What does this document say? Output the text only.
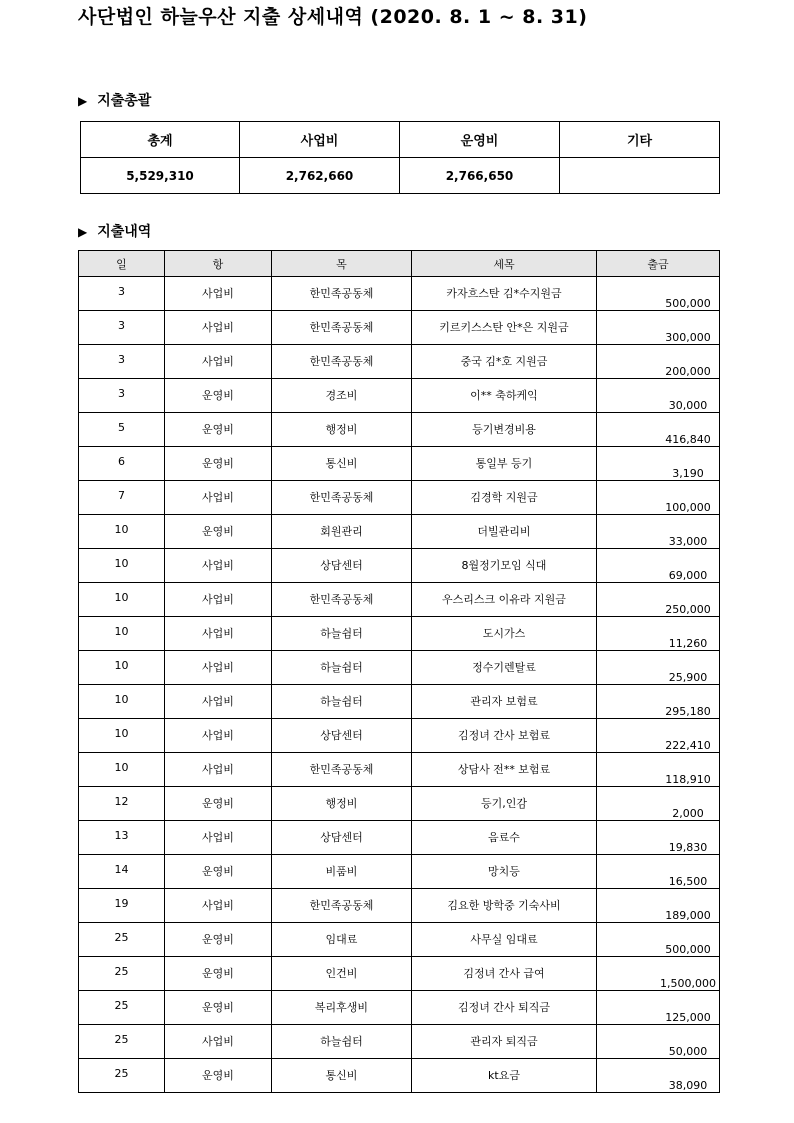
사단법인 하늘우산 지출 상세내역 (2020. 8. 1 ~ 8. 31)
▶ 지출총괄
총계	사업비	운영비	기타
5,529,310	2,762,660	2,766,650	
▶ 지출내역
일	항	목	세목	출금
3	사업비	한민족공동체	카자흐스탄 김*수지원금	500,000
3	사업비	한민족공동체	키르키스스탄 안*은 지원금	300,000
3	사업비	한민족공동체	중국 김*호 지원금	200,000
3	운영비	경조비	이** 축하케익	30,000
5	운영비	행정비	등기변경비용	416,840
6	운영비	통신비	통일부 등기	3,190
7	사업비	한민족공동체	김경학 지원금	100,000
10	운영비	회원관리	더빌관리비	33,000
10	사업비	상담센터	8월정기모임 식대	69,000
10	사업비	한민족공동체	우스리스크 이유라 지원금	250,000
10	사업비	하늘쉼터	도시가스	11,260
10	사업비	하늘쉼터	정수기렌탈료	25,900
10	사업비	하늘쉼터	관리자 보험료	295,180
10	사업비	상담센터	김정녀 간사 보험료	222,410
10	사업비	한민족공동체	상담사 전** 보험료	118,910
12	운영비	행정비	등기,인감	2,000
13	사업비	상담센터	음료수	19,830
14	운영비	비품비	망치등	16,500
19	사업비	한민족공동체	김요한 방학중 기숙사비	189,000
25	운영비	임대료	사무실 임대료	500,000
25	운영비	인건비	김정녀 간사 급여	1,500,000
25	운영비	복리후생비	김정녀 간사 퇴직금	125,000
25	사업비	하늘쉼터	관리자 퇴직금	50,000
25	운영비	통신비	kt요금	38,090
